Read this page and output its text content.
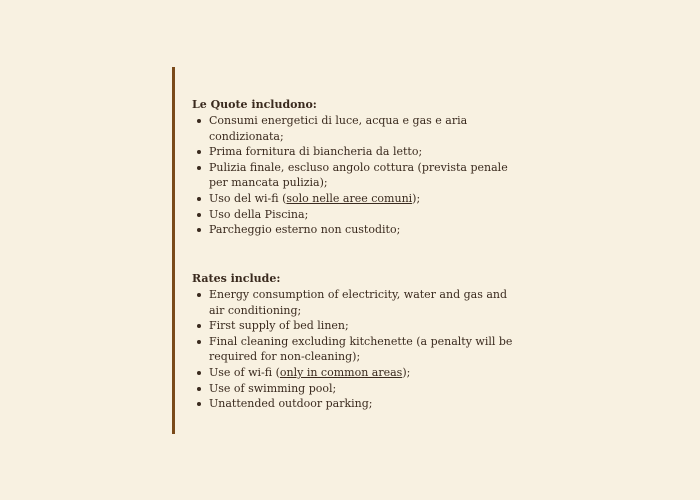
Le Quote includono:
Consumi energetici di luce, acqua e gas e aria condizionata;
Prima fornitura di biancheria da letto;
Pulizia finale, escluso angolo cottura (prevista penale per mancata pulizia);
Uso del wi-fi (solo nelle aree comuni);
Uso della Piscina;
Parcheggio esterno non custodito;
Rates include:
Energy consumption of electricity, water and gas and air conditioning;
First supply of bed linen;
Final cleaning excluding kitchenette (a penalty will be required for non-cleaning);
Use of wi-fi (only in common areas);
Use of swimming pool;
Unattended outdoor parking;
